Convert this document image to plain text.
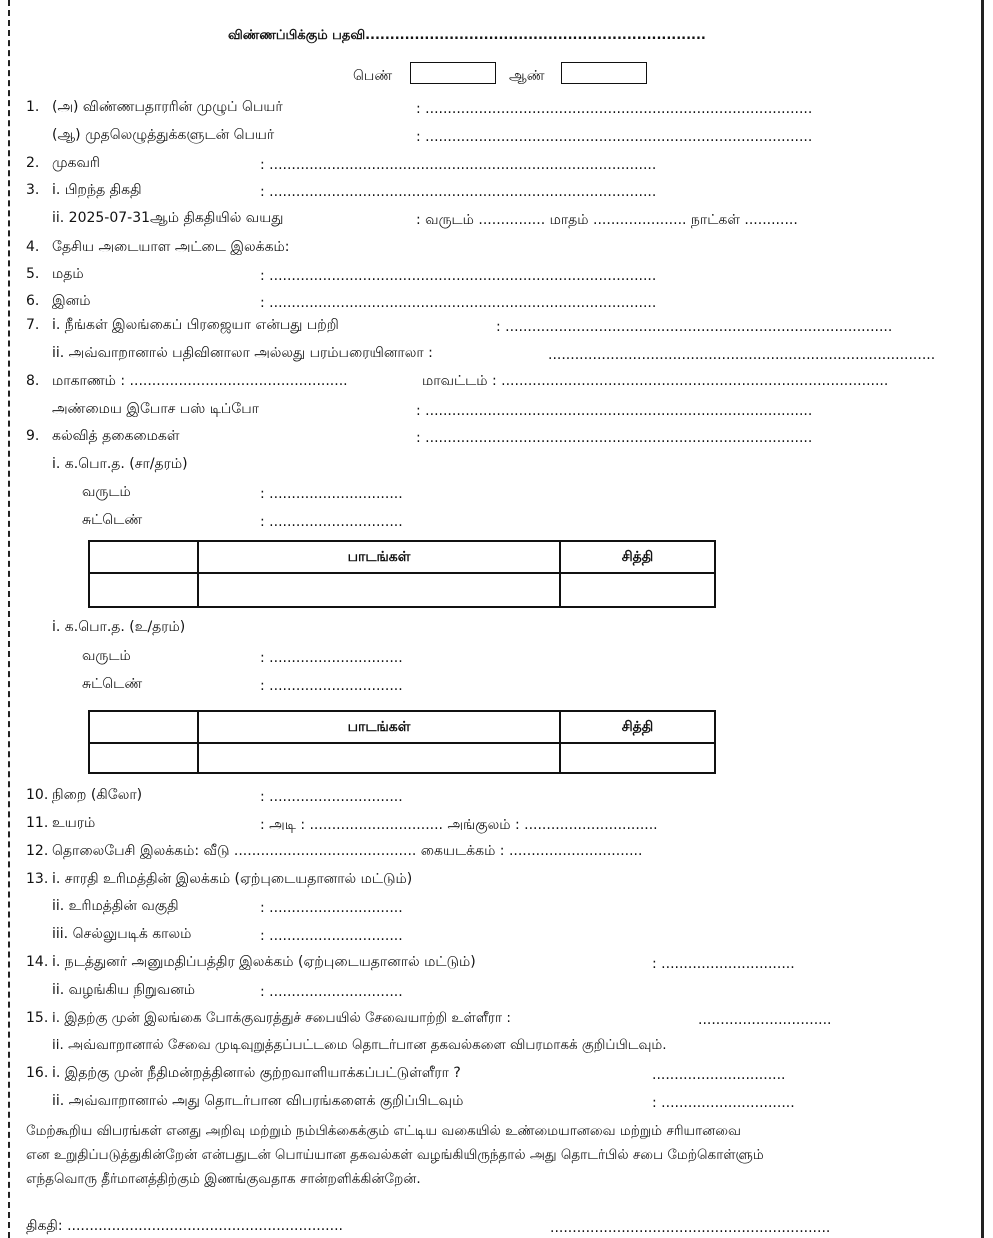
விண்ணப்பிக்கும் பதவி.....................................................................
பெண்	ஆண்
1. (அ) விண்ணபதாரரின் முழுப் பெயர்	: .......................................................................................
(ஆ) முதலெழுத்துக்களுடன் பெயர்	: .......................................................................................
2. முகவரி	: .......................................................................................
3. i. பிறந்த திகதி	: .......................................................................................
ii. 2025-07-31ஆம் திகதியில் வயது	: வருடம் ............... மாதம் ..................... நாட்கள் ............
4. தேசிய அடையாள அட்டை இலக்கம்:
5. மதம்	: .......................................................................................
6. இனம்	: .......................................................................................
7. i. நீங்கள் இலங்கைப் பிரஜையா என்பது பற்றி	: .......................................................................................
ii. அவ்வாறானால் பதிவினாலா அல்லது பரம்பரையினாலா :	.......................................................................................
8. மாகாணம் : .................................................	மாவட்டம் : .......................................................................................
அண்மைய இபோச பஸ் டிப்போ	: .......................................................................................
9. கல்வித் தகைமைகள்	: .......................................................................................
i. க.பொ.த. (சா/தரம்)
வருடம்	: ..............................
சுட்டெண்	: ..............................
	பாடங்கள்	சித்தி

i. க.பொ.த. (உ/தரம்)
வருடம்	: ..............................
சுட்டெண்	: ..............................
	பாடங்கள்	சித்தி

10. நிறை (கிலோ)	: ..............................
11. உயரம்	: அடி : .............................. அங்குலம் : ..............................
12. தொலைபேசி இலக்கம்: வீடு ......................................... கையடக்கம் : ..............................
13. i. சாரதி உரிமத்தின் இலக்கம் (ஏற்புடையதானால் மட்டும்)
ii. உரிமத்தின் வகுதி	: ..............................
iii. செல்லுபடிக் காலம்	: ..............................
14. i. நடத்துனர் அனுமதிப்பத்திர இலக்கம் (ஏற்புடையதானால் மட்டும்)	: ..............................
ii. வழங்கிய நிறுவனம்	: ..............................
15. i. இதற்கு முன் இலங்கை போக்குவரத்துச் சபையில் சேவையாற்றி உள்ளீரா :	..............................
ii. அவ்வாறானால் சேவை முடிவுறுத்தப்பட்டமை தொடர்பான தகவல்களை விபரமாகக் குறிப்பிடவும்.
16. i. இதற்கு முன் நீதிமன்றத்தினால் குற்றவாளியாக்கப்பட்டுள்ளீரா ?	..............................
ii. அவ்வாறானால் அது தொடர்பான விபரங்களைக் குறிப்பிடவும்	: ..............................
மேற்கூறிய விபரங்கள் எனது அறிவு மற்றும் நம்பிக்கைக்கும் எட்டிய வகையில் உண்மையானவை மற்றும் சரியானவை
என உறுதிப்படுத்துகின்றேன் என்பதுடன் பொய்யான தகவல்கள் வழங்கியிருந்தால் அது தொடர்பில் சபை மேற்கொள்ளும்
எந்தவொரு தீர்மானத்திற்கும் இணங்குவதாக சான்றளிக்கின்றேன்.
திகதி: ..............................................................	...............................................................
